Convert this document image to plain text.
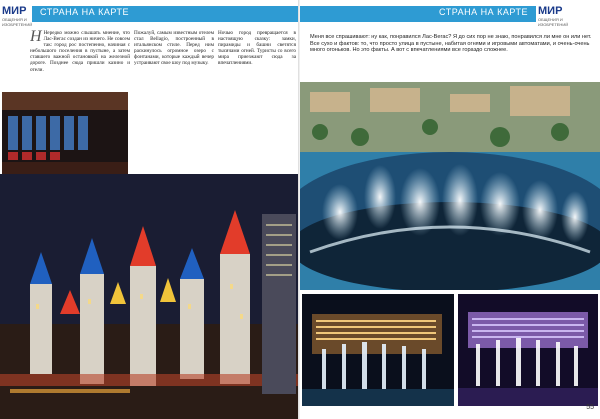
МИР
ОБЩЕНИЯ И ИЗОБРЕТЕНИЙ
СТРАНА НА КАРТЕ
Н Нередко можно слышать мнение, что Лас-Вегас создан из ничего. Не совсем так: город рос постепенно, начиная с небольшого поселения в пустыне, а затем ставшего важной остановкой на железной дороге. Позднее сюда пришли казино и отели.
Пожалуй, самым известным отелем стал Bellagio, построенный в итальянском стиле. Перед ним раскинулось огромное озеро с фонтанами, которые каждый вечер устраивают свое шоу под музыку.
Ночью город превращается в настоящую сказку: замки, пирамиды и башни светятся тысячами огней. Туристы со всего мира приезжают сюда за впечатлениями.
СТРАНА НА КАРТЕ МИР
ОБЩЕНИЯ И ИЗОБРЕТЕНИЙ
Меня все спрашивают: ну как, понравился Лас-Вегас? Я до сих пор не знаю, понравился ли мне он или нет. Все сухо и фактов: то, что просто улица в пустыне, набитая огнями и игровыми автоматами, и очень-очень много огоньков. Но это факты. А вот с впечатлениями все гораздо сложнее.
55
